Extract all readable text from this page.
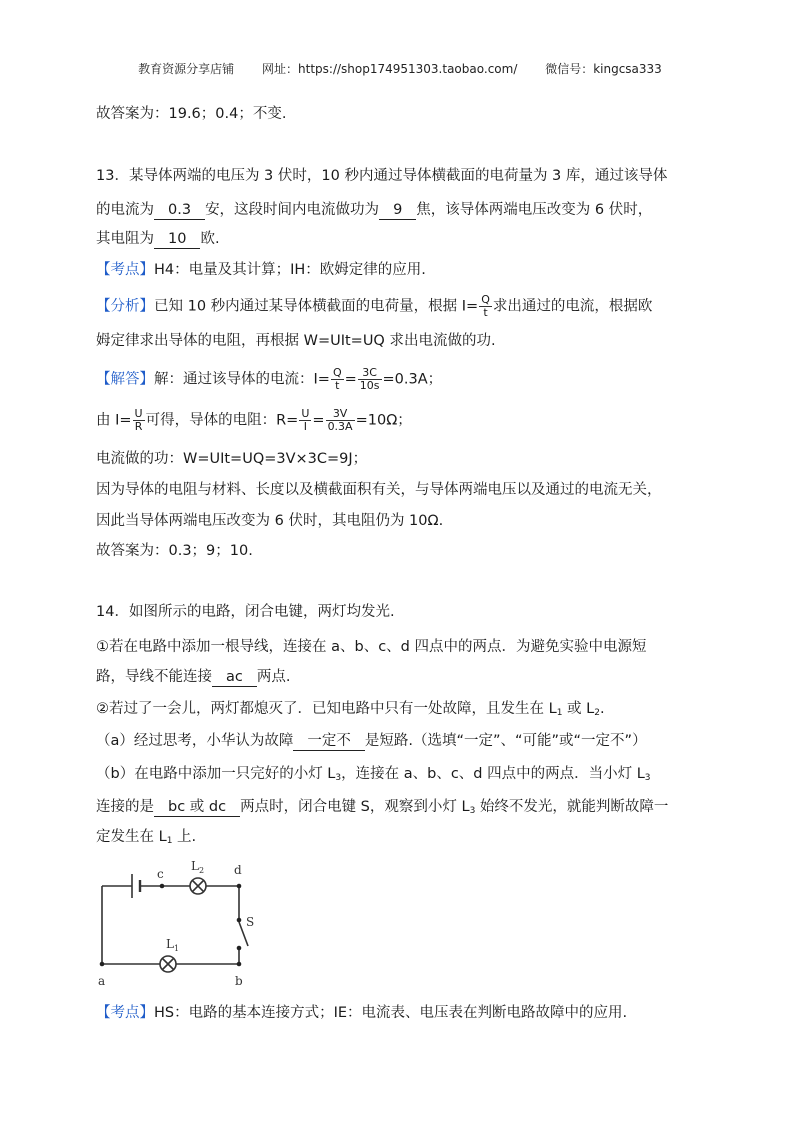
教育资源分享店铺 网址：https://shop174951303.taobao.com/ 微信号：kingcsa333
故答案为：19.6；0.4；不变.
13．某导体两端的电压为 3 伏时，10 秒内通过导体横截面的电荷量为 3 库，通过该导体
的电流为 0.3 安，这段时间内电流做功为 9 焦，该导体两端电压改变为 6 伏时，
其电阻为 10 欧.
【考点】H4：电量及其计算；IH：欧姆定律的应用.
【分析】已知 10 秒内通过某导体横截面的电荷量，根据 $I= \frac{Q}{t}$ 求出通过的电流，根据欧
姆定律求出导体的电阻，再根据 W=UIt=UQ 求出电流做的功.
【解答】解：通过该导体的电流：$I= \frac{Q}{t} = \frac{3C}{10s} =0.3A$；
由 $I= \frac{U}{R}$ 可得，导体的电阻：$R= \frac{U}{I} = \frac{3V}{0.3A} =10\Omega$；
电流做的功：W=UIt=UQ=3V×3C=9J；
因为导体的电阻与材料、长度以及横截面积有关，与导体两端电压以及通过的电流无关，
因此当导体两端电压改变为 6 伏时，其电阻仍为 10Ω.
故答案为：0.3；9；10.
14．如图所示的电路，闭合电键，两灯均发光.
①若在电路中添加一根导线，连接在 a、b、c、d 四点中的两点．为避免实验中电源短
路，导线不能连接 ac 两点.
②若过了一会儿，两灯都熄灭了．已知电路中只有一处故障，且发生在 $L_1$ 或 $L_2$.
（a）经过思考，小华认为故障 一定不 是短路.（选填“一定”、“可能”或“一定不”）
（b）在电路中添加一只完好的小灯 $L_3$，连接在 a、b、c、d 四点中的两点．当小灯 $L_3$
连接的是 bc 或 dc 两点时，闭合电键 S，观察到小灯 $L_3$ 始终不发光，就能判断故障一
定发生在 $L_1$ 上.
c	d
S
a	b
L 2
L 1
【考点】HS：电路的基本连接方式；IE：电流表、电压表在判断电路故障中的应用.
